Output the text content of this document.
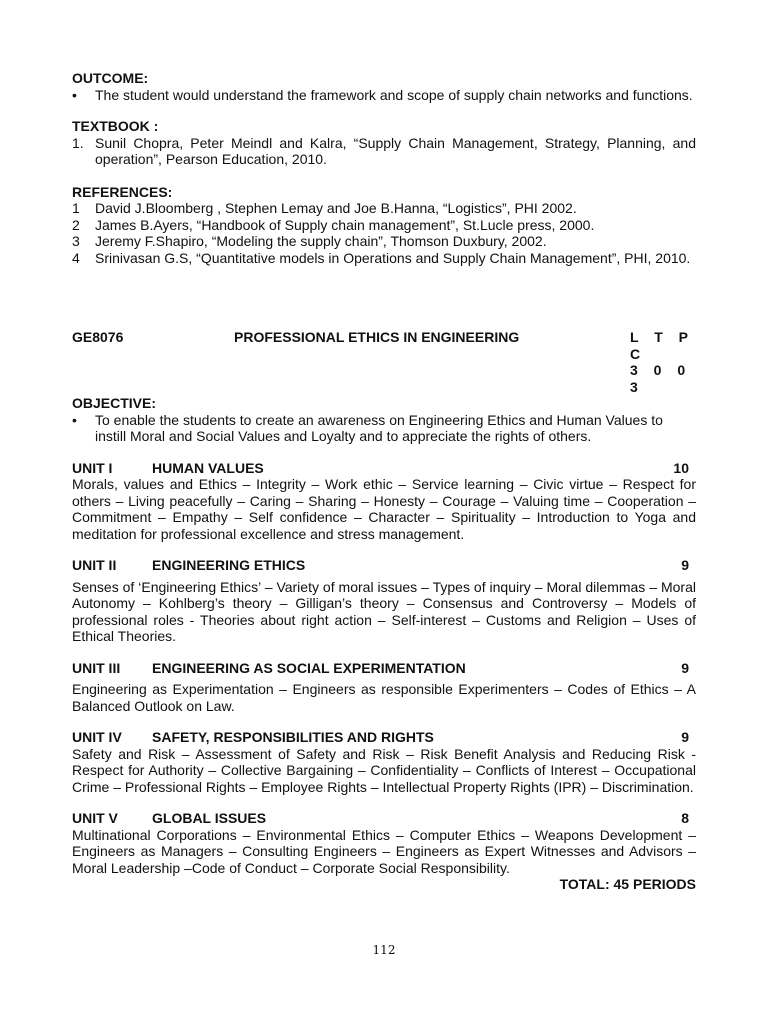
OUTCOME:
•	The student would understand the framework and scope of supply chain networks and functions.
TEXTBOOK :
1. Sunil Chopra, Peter Meindl and Kalra, “Supply Chain Management, Strategy, Planning, and operation”, Pearson Education, 2010.
REFERENCES:
1	David J.Bloomberg , Stephen Lemay and Joe B.Hanna, “Logistics”, PHI 2002.
2	James B.Ayers, “Handbook of Supply chain management”, St.Lucle press, 2000.
3	Jeremy F.Shapiro, “Modeling the supply chain”, Thomson Duxbury, 2002.
4	Srinivasan G.S, “Quantitative models in Operations and Supply Chain Management”, PHI, 2010.
GE8076	PROFESSIONAL ETHICS IN ENGINEERING	L T P C
3 0 0 3
OBJECTIVE:
•	To enable the students to create an awareness on Engineering Ethics and Human Values to instill Moral and Social Values and Loyalty and to appreciate the rights of others.
UNIT I	HUMAN VALUES	10
Morals, values and Ethics – Integrity – Work ethic – Service learning – Civic virtue – Respect for others – Living peacefully – Caring – Sharing – Honesty – Courage – Valuing time – Cooperation – Commitment – Empathy – Self confidence – Character – Spirituality – Introduction to Yoga and meditation for professional excellence and stress management.
UNIT II	ENGINEERING ETHICS	9
Senses of ‘Engineering Ethics’ – Variety of moral issues – Types of inquiry – Moral dilemmas – Moral Autonomy – Kohlberg’s theory – Gilligan’s theory – Consensus and Controversy – Models of professional roles - Theories about right action – Self-interest – Customs and Religion – Uses of Ethical Theories.
UNIT III	ENGINEERING AS SOCIAL EXPERIMENTATION	9
Engineering as Experimentation – Engineers as responsible Experimenters – Codes of Ethics – A Balanced Outlook on Law.
UNIT IV	SAFETY, RESPONSIBILITIES AND RIGHTS	9
Safety and Risk – Assessment of Safety and Risk – Risk Benefit Analysis and Reducing Risk - Respect for Authority – Collective Bargaining – Confidentiality – Conflicts of Interest – Occupational Crime – Professional Rights – Employee Rights – Intellectual Property Rights (IPR) – Discrimination.
UNIT V	GLOBAL ISSUES	8
Multinational Corporations – Environmental Ethics – Computer Ethics – Weapons Development – Engineers as Managers – Consulting Engineers – Engineers as Expert Witnesses and Advisors – Moral Leadership –Code of Conduct – Corporate Social Responsibility.
TOTAL: 45 PERIODS
112
